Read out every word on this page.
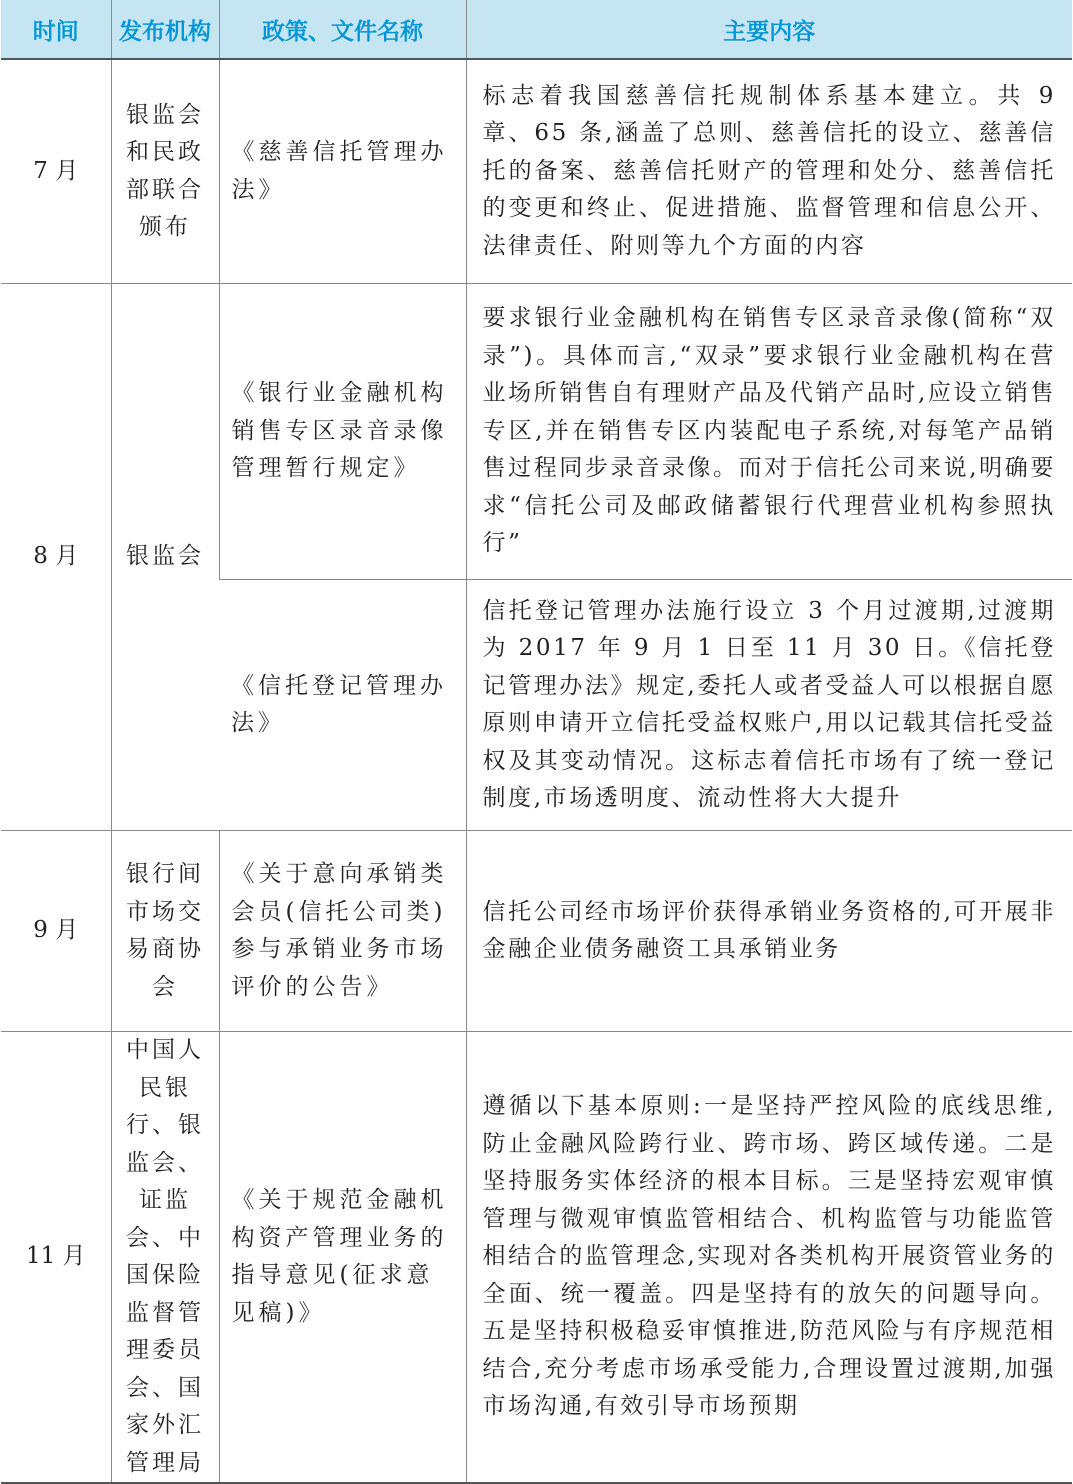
时间	发布机构	政策、文件名称	主要内容
7 月	银监会和民政部联合颁布	《慈善信托管理办法》	标志着我国慈善信托规制体系基本建立。共 9 章、65 条,涵盖了总则、慈善信托的设立、慈善信托的备案、慈善信托财产的管理和处分、慈善信托的变更和终止、促进措施、监督管理和信息公开、法律责任、附则等九个方面的内容
8 月	银监会	《银行业金融机构销售专区录音录像管理暂行规定》	要求银行业金融机构在销售专区录音录像(简称“双录”)。具体而言,“双录”要求银行业金融机构在营业场所销售自有理财产品及代销产品时,应设立销售专区,并在销售专区内装配电子系统,对每笔产品销售过程同步录音录像。而对于信托公司来说,明确要求“信托公司及邮政储蓄银行代理营业机构参照执行”
		《信托登记管理办法》	信托登记管理办法施行设立 3 个月过渡期,过渡期为 2017 年 9 月 1 日至 11 月 30 日。《信托登记管理办法》规定,委托人或者受益人可以根据自愿原则申请开立信托受益权账户,用以记载其信托受益权及其变动情况。这标志着信托市场有了统一登记制度,市场透明度、流动性将大大提升
9 月	银行间市场交易商协会	《关于意向承销类会员(信托公司类)参与承销业务市场评价的公告》	信托公司经市场评价获得承销业务资格的,可开展非金融企业债务融资工具承销业务
11 月	中国人民银行、银监会、证监会、中国保险监督管理委员会、国家外汇管理局	《关于规范金融机构资产管理业务的指导意见(征求意见稿)》	遵循以下基本原则:一是坚持严控风险的底线思维,防止金融风险跨行业、跨市场、跨区域传递。二是坚持服务实体经济的根本目标。三是坚持宏观审慎管理与微观审慎监管相结合、机构监管与功能监管相结合的监管理念,实现对各类机构开展资管业务的全面、统一覆盖。四是坚持有的放矢的问题导向。五是坚持积极稳妥审慎推进,防范风险与有序规范相结合,充分考虑市场承受能力,合理设置过渡期,加强市场沟通,有效引导市场预期
